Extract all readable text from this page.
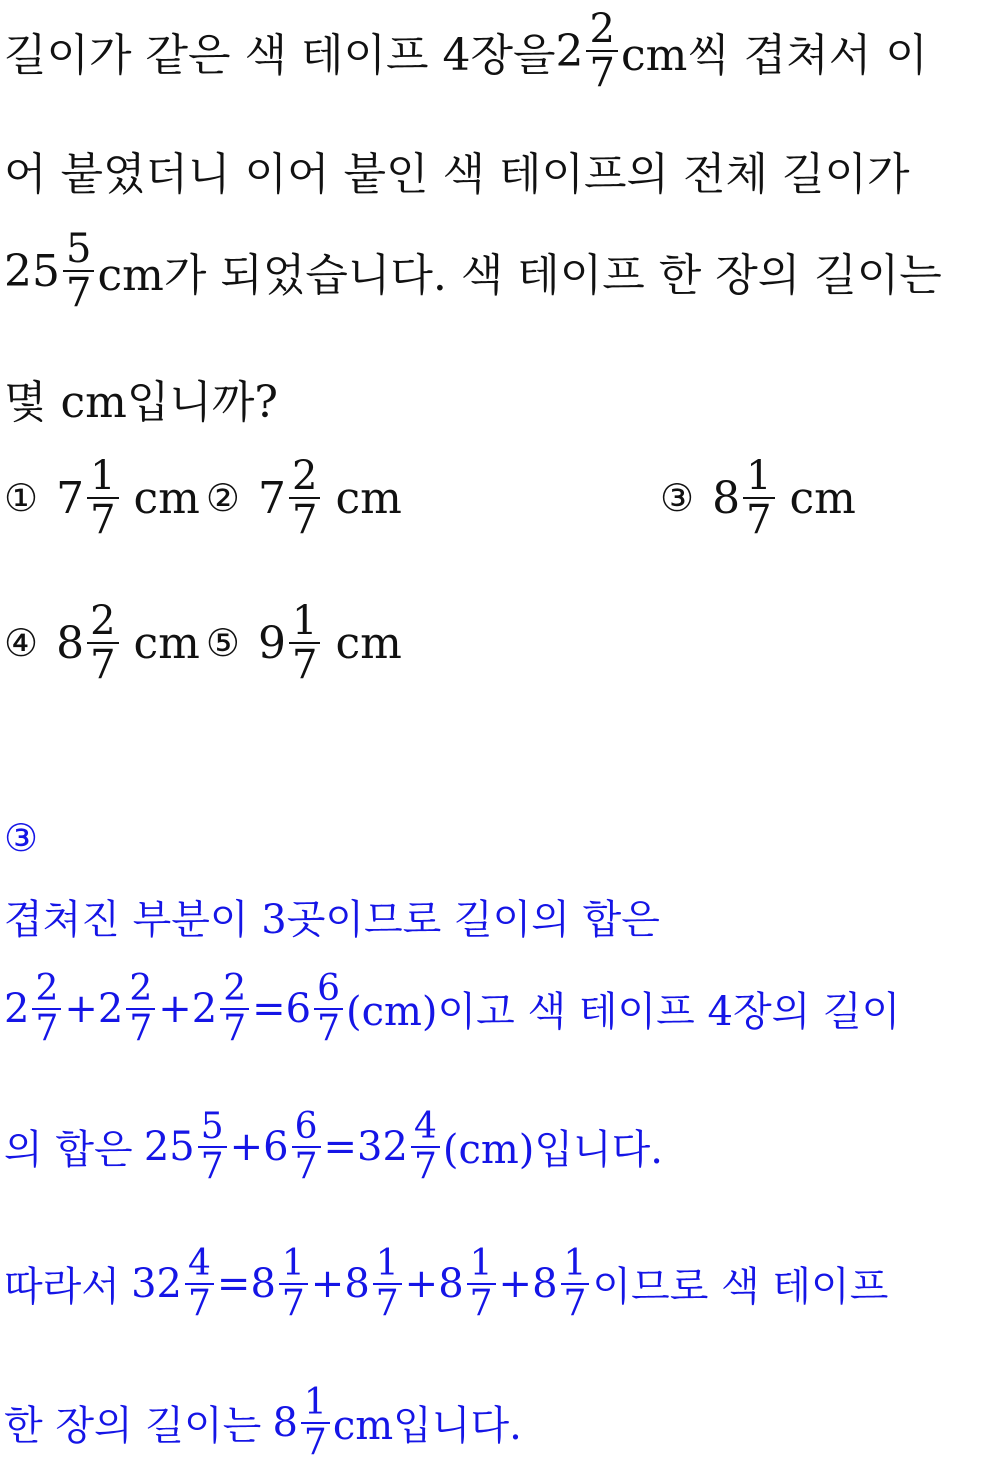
길이가 같은 색 테이프 4장을 $2 \frac{2}{7}$ cm씩 겹쳐서 이
어 붙였더니 이어 붙인 색 테이프의 전체 길이가
$25 \frac{5}{7}$ cm가 되었습니다. 색 테이프 한 장의 길이는
몇 cm입니까?
① $7 \frac{1}{7}$ cm ② $7 \frac{2}{7}$ cm	③ $8 \frac{1}{7}$ cm
④ $8 \frac{2}{7}$ cm ⑤ $9 \frac{1}{7}$ cm
③
겹쳐진 부분이 3곳이므로 길이의 합은
$2 \frac{2}{7} +2 \frac{2}{7} +2 \frac{2}{7} =6 \frac{6}{7} (cm)$이고 색 테이프 4장의 길이
의 합은 $25 \frac{5}{7} +6 \frac{6}{7} =32 \frac{4}{7} (cm)$입니다.
따라서 $32 \frac{4}{7} =8 \frac{1}{7} +8 \frac{1}{7} +8 \frac{1}{7} +8 \frac{1}{7}$ 이므로 색 테이프
한 장의 길이는 $8 \frac{1}{7}$ cm입니다.
